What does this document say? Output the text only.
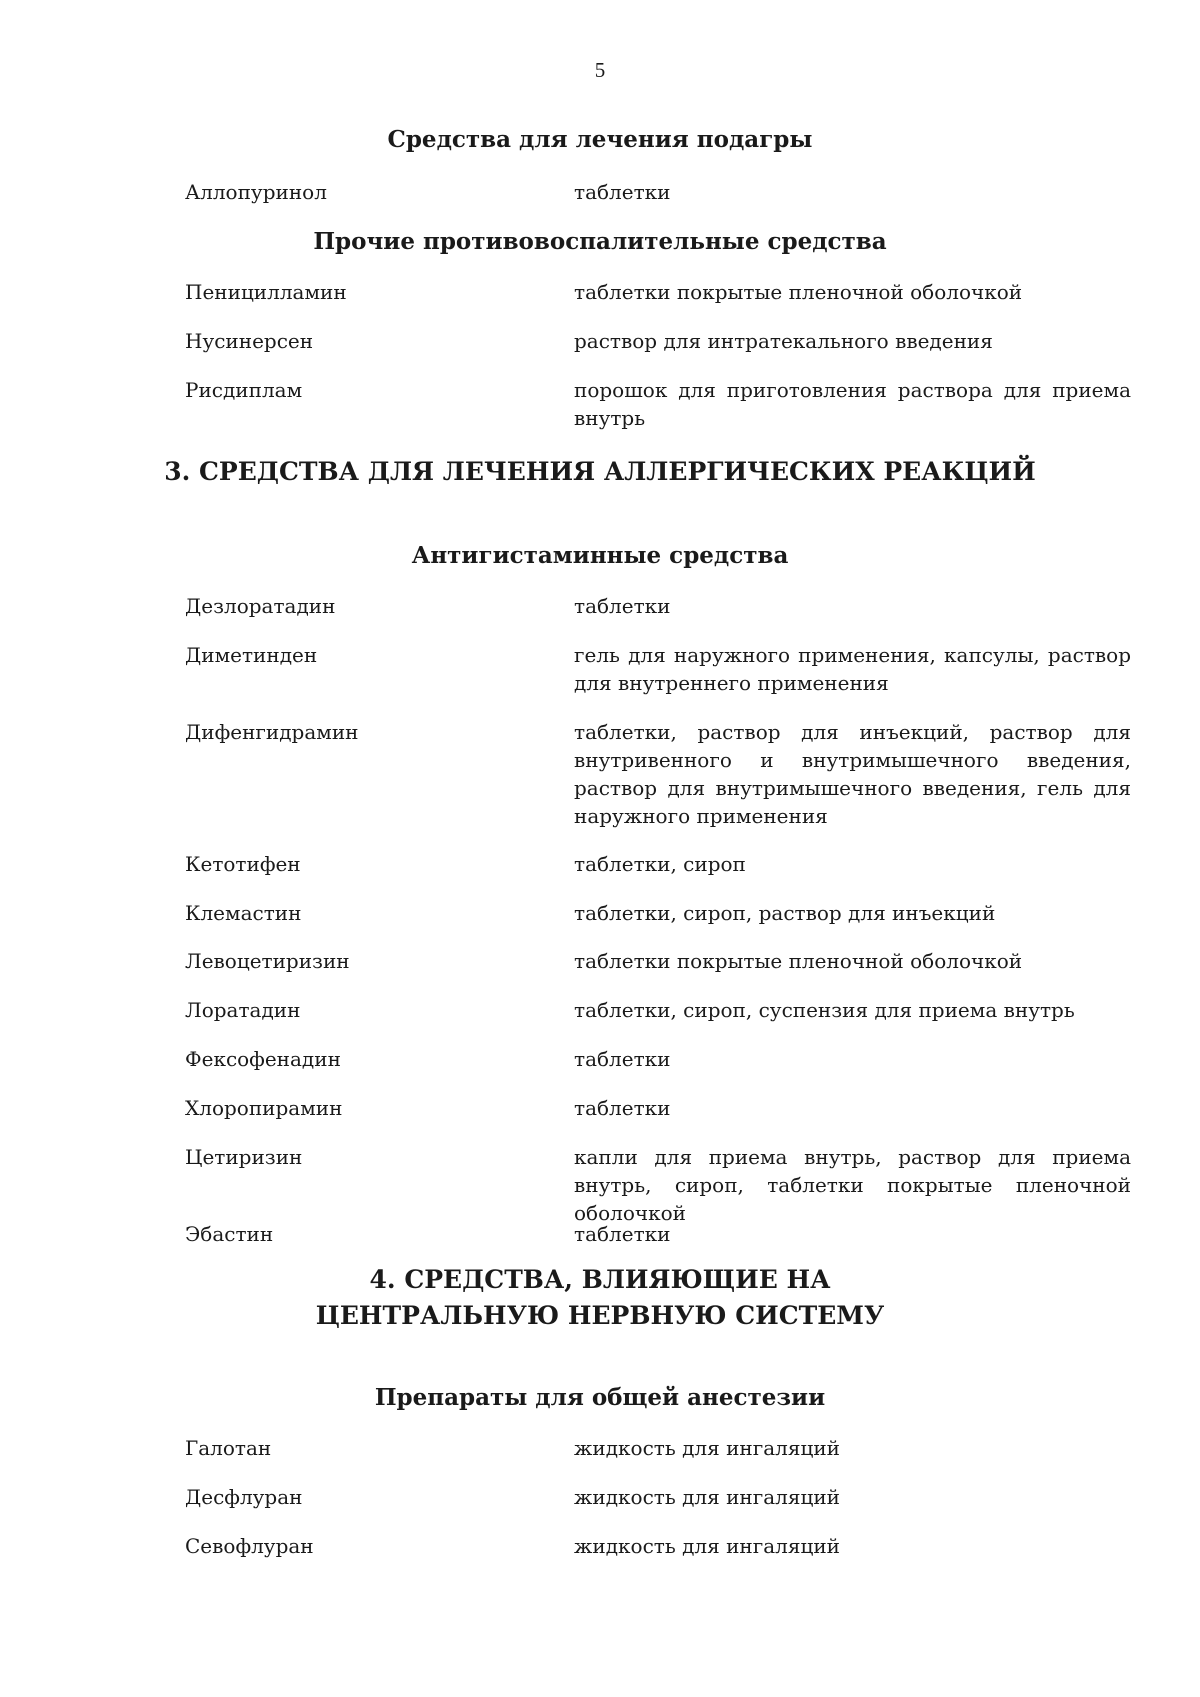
5
Средства для лечения подагры
Аллопуринол	таблетки
Прочие противовоспалительные средства
Пеницилламин	таблетки покрытые пленочной оболочкой
Нусинерсен	раствор для интратекального введения
Рисдиплам	порошок для приготовления раствора для приема внутрь
3. СРЕДСТВА ДЛЯ ЛЕЧЕНИЯ АЛЛЕРГИЧЕСКИХ РЕАКЦИЙ
Антигистаминные средства
Дезлоратадин	таблетки
Диметинден	гель для наружного применения, капсулы, раствор для внутреннего применения
Дифенгидрамин	таблетки, раствор для инъекций, раствор для внутривенного и внутримышечного введения, раствор для внутримышечного введения, гель для наружного применения
Кетотифен	таблетки, сироп
Клемастин	таблетки, сироп, раствор для инъекций
Левоцетиризин	таблетки покрытые пленочной оболочкой
Лоратадин	таблетки, сироп, суспензия для приема внутрь
Фексофенадин	таблетки
Хлоропирамин	таблетки
Цетиризин	капли для приема внутрь, раствор для приема внутрь, сироп, таблетки покрытые пленочной оболочкой
Эбастин	таблетки
4. СРЕДСТВА, ВЛИЯЮЩИЕ НА
ЦЕНТРАЛЬНУЮ НЕРВНУЮ СИСТЕМУ
Препараты для общей анестезии
Галотан	жидкость для ингаляций
Десфлуран	жидкость для ингаляций
Севофлуран	жидкость для ингаляций
